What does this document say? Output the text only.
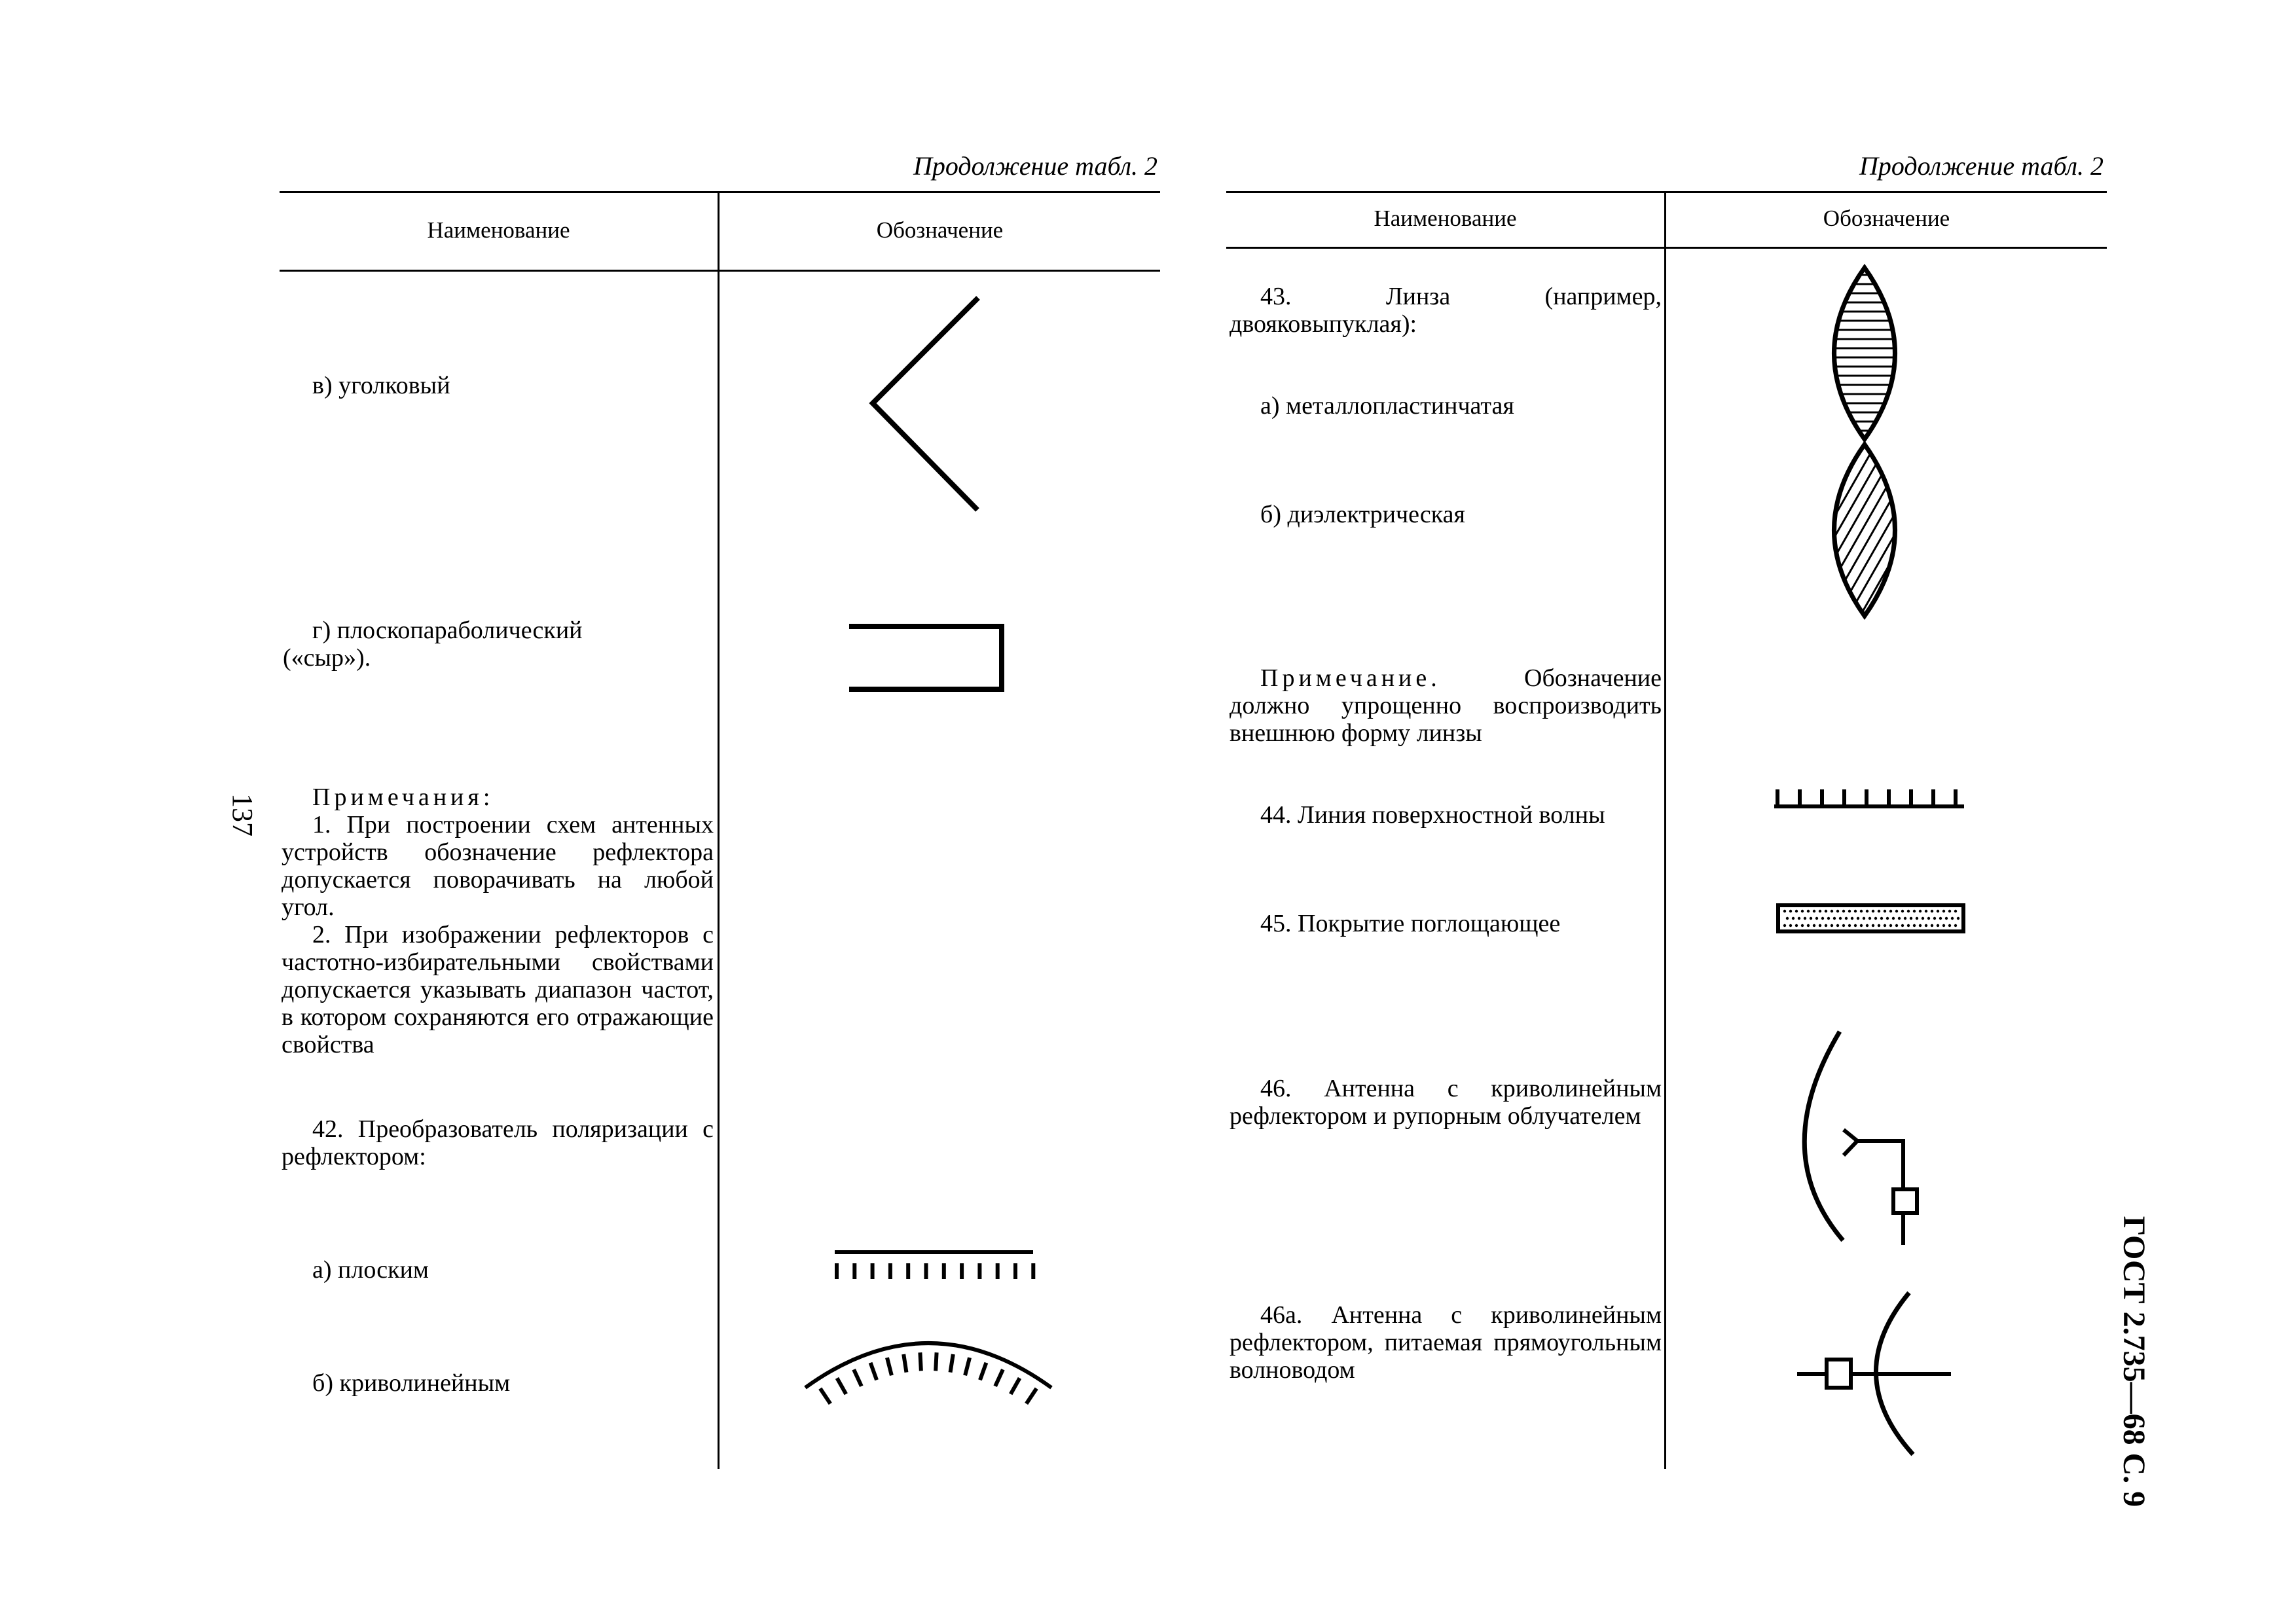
Продолжение табл. 2
Наименование	Обозначение
в) уголковый
г) плоскопараболический («сыр»).
Примечания:
1. При построении схем антенных устройств обозначение рефлектора допускается поворачивать на любой угол.
2. При изображении рефлекторов с частотно-избирательными свойствами допускается указывать диапазон частот, в котором сохраняются его отражающие свойства
42. Преобразователь поляризации с рефлектором:
а) плоским
б) криволинейным
137
Продолжение табл. 2
Наименование	Обозначение
43. Линза (например, двояковыпуклая):
а) металлопластинчатая
б) диэлектрическая
Примечание.	Обозначение должно упрощенно воспроизводить внешнюю форму линзы
44. Линия поверхностной волны
45. Покрытие поглощающее
46. Антенна с криволинейным рефлектором и рупорным облучателем
46а. Антенна с криволинейным рефлектором, питаемая прямоугольным волноводом	ГОСТ 2.735—68 С. 9
